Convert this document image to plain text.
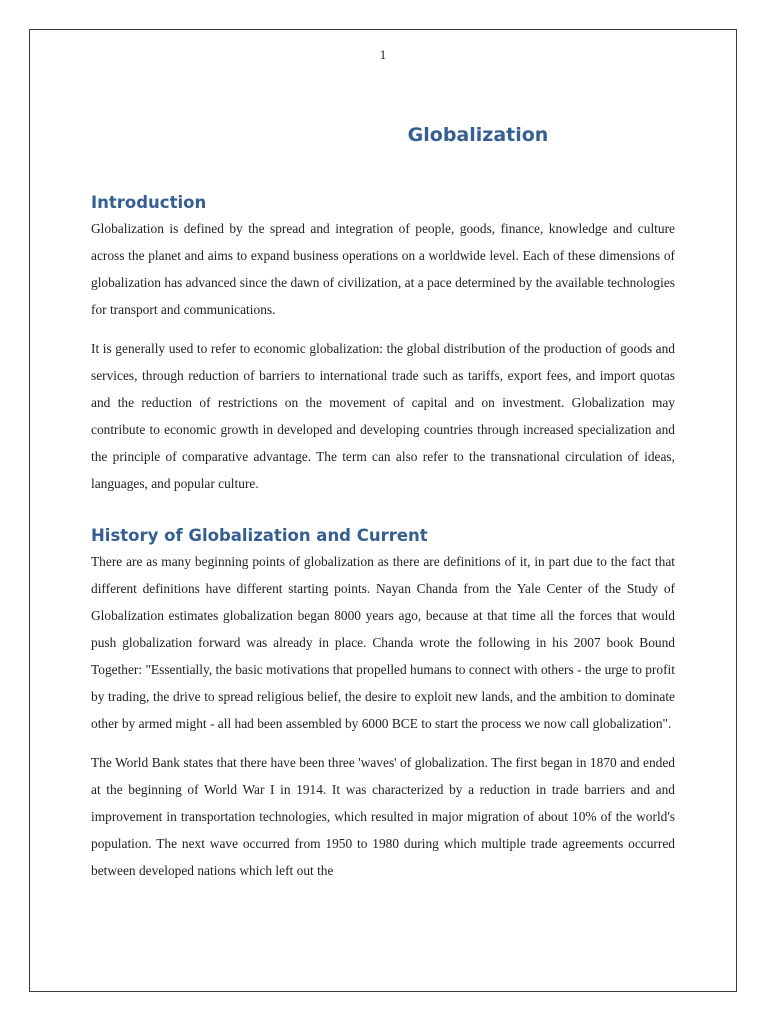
1
Globalization
Introduction

Globalization is defined by the spread and integration of people, goods, finance, knowledge and culture across the planet and aims to expand business operations on a worldwide level. Each of these dimensions of globalization has advanced since the dawn of civilization, at a pace determined by the available technologies for transport and communications.

It is generally used to refer to economic globalization: the global distribution of the production of goods and services, through reduction of barriers to international trade such as tariffs, export fees, and import quotas and the reduction of restrictions on the movement of capital and on investment. Globalization may contribute to economic growth in developed and developing countries through increased specialization and the principle of comparative advantage. The term can also refer to the transnational circulation of ideas, languages, and popular culture.

History of Globalization and Current

There are as many beginning points of globalization as there are definitions of it, in part due to the fact that different definitions have different starting points. Nayan Chanda from the Yale Center of the Study of Globalization estimates globalization began 8000 years ago, because at that time all the forces that would push globalization forward was already in place. Chanda wrote the following in his 2007 book Bound Together: "Essentially, the basic motivations that propelled humans to connect with others - the urge to profit by trading, the drive to spread religious belief, the desire to exploit new lands, and the ambition to dominate other by armed might - all had been assembled by 6000 BCE to start the process we now call globalization".

The World Bank states that there have been three 'waves' of globalization. The first began in 1870 and ended at the beginning of World War I in 1914. It was characterized by a reduction in trade barriers and and improvement in transportation technologies, which resulted in major migration of about 10% of the world's population. The next wave occurred from 1950 to 1980 during which multiple trade agreements occurred between developed nations which left out the
